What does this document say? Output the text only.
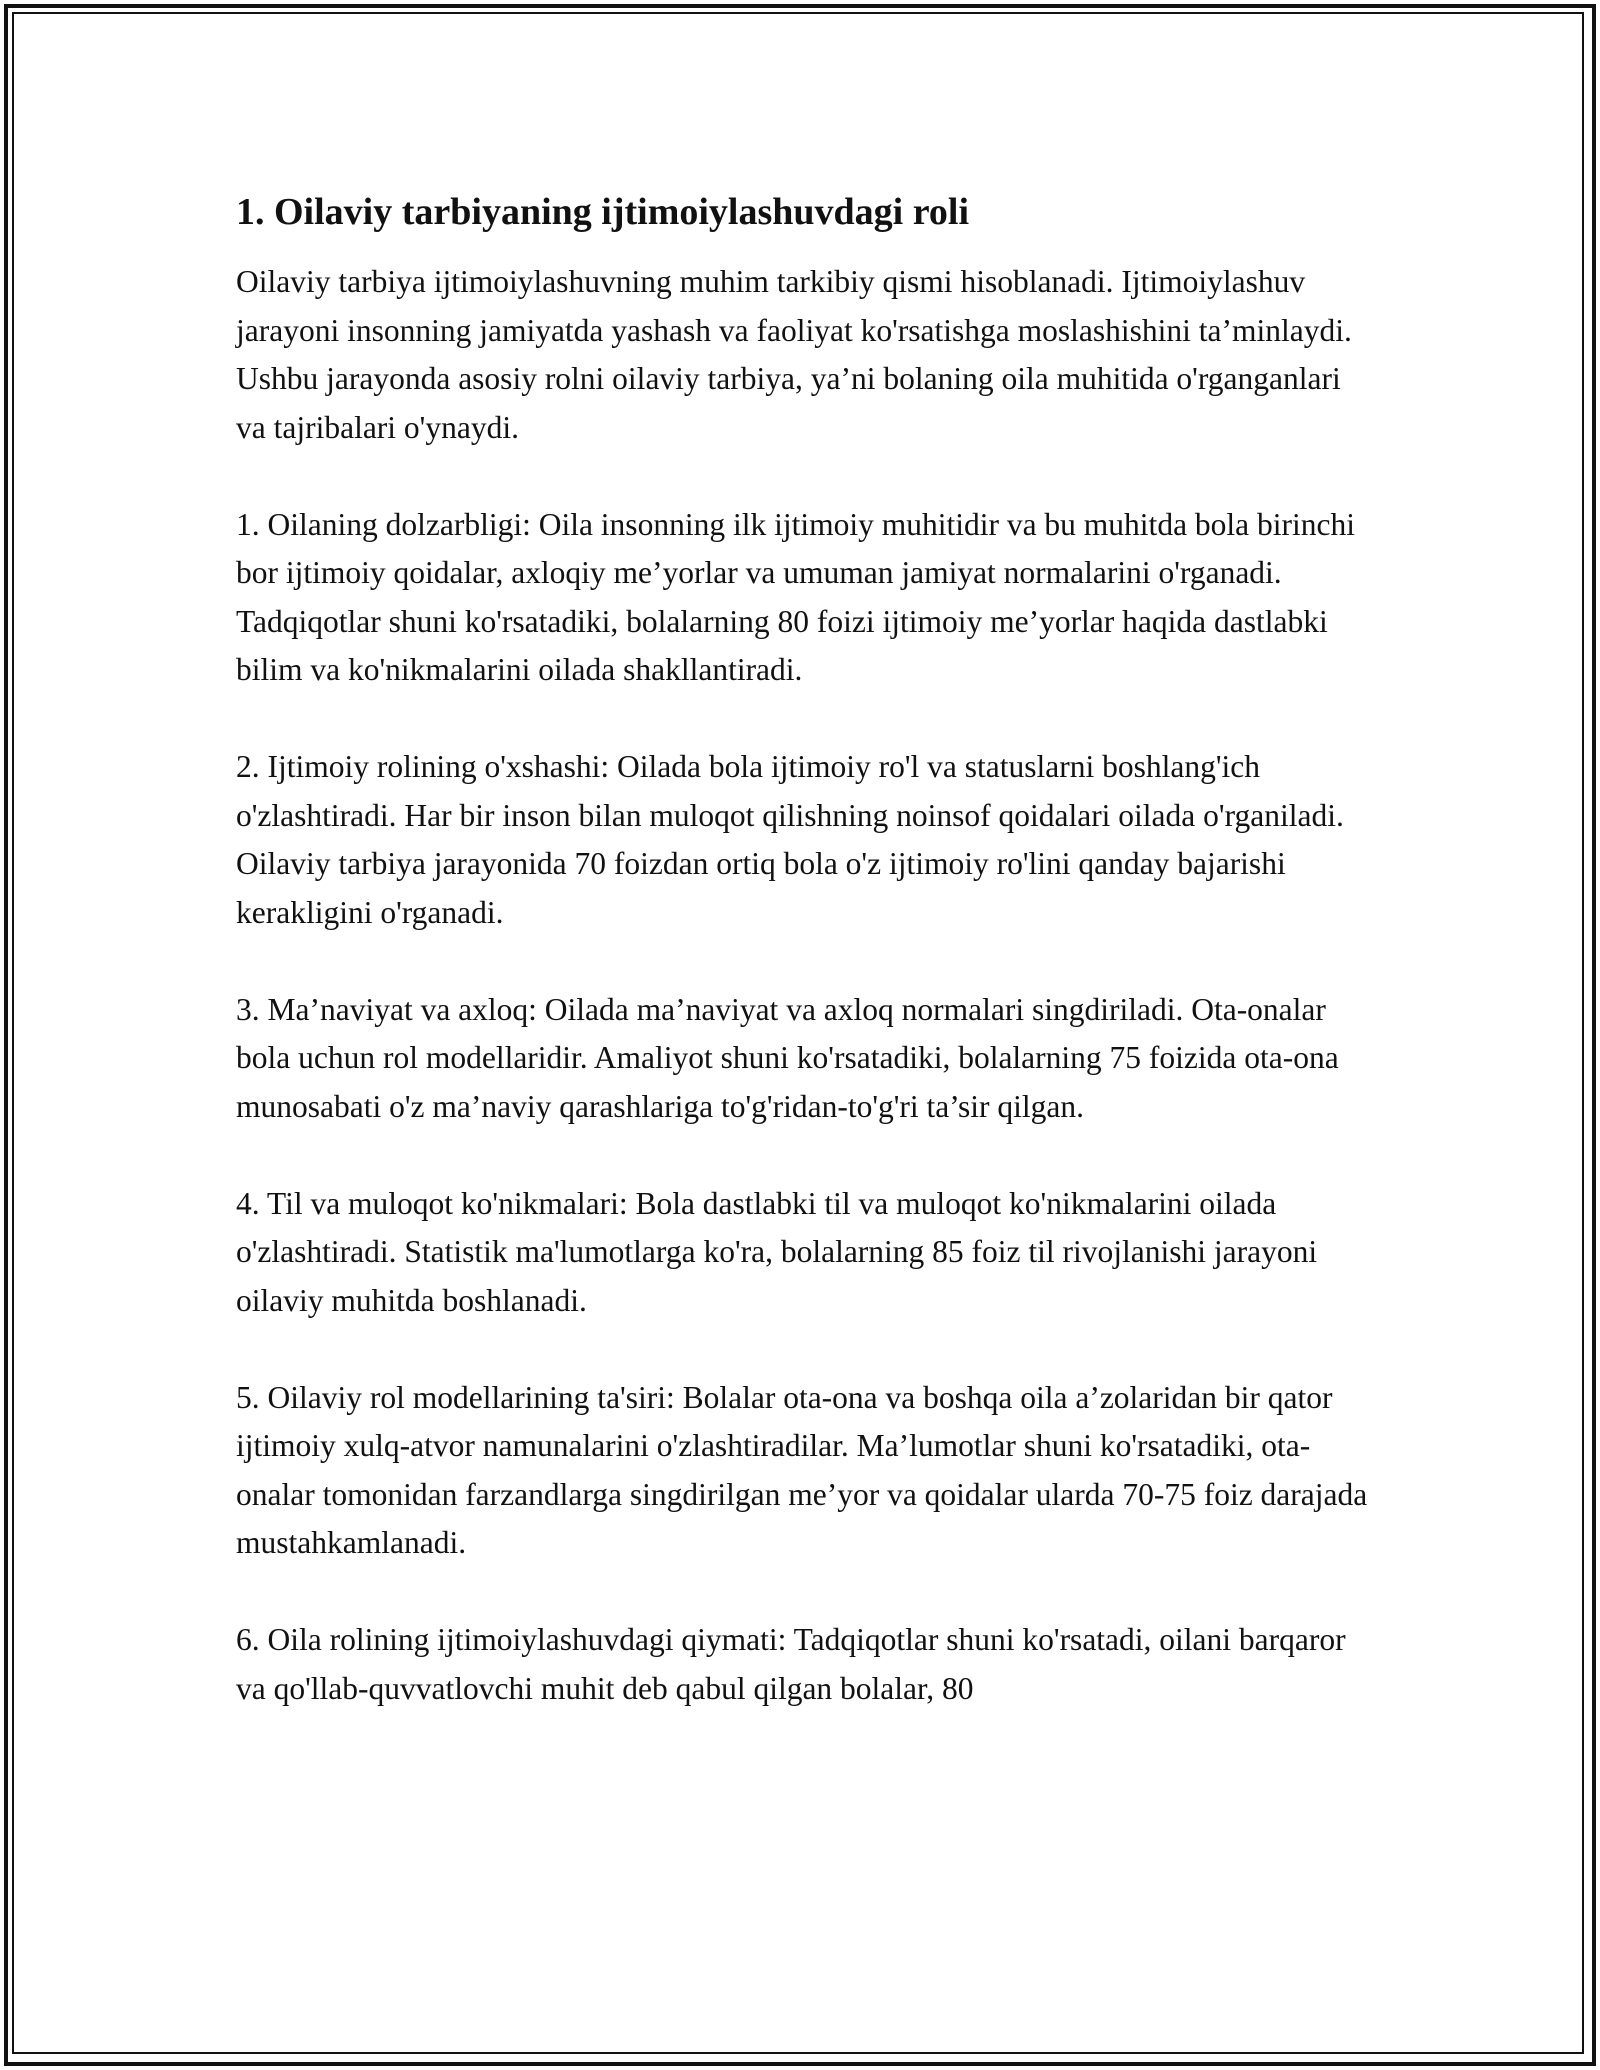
1. Oilaviy tarbiyaning ijtimoiylashuvdagi roli

Oilaviy tarbiya ijtimoiylashuvning muhim tarkibiy qismi hisoblanadi. Ijtimoiylashuv jarayoni insonning jamiyatda yashash va faoliyat ko'rsatishga moslashishini ta’minlaydi. Ushbu jarayonda asosiy rolni oilaviy tarbiya, ya’ni bolaning oila muhitida o'rganganlari va tajribalari o'ynaydi.

1. Oilaning dolzarbligi: Oila insonning ilk ijtimoiy muhitidir va bu muhitda bola birinchi bor ijtimoiy qoidalar, axloqiy me’yorlar va umuman jamiyat normalarini o'rganadi. Tadqiqotlar shuni ko'rsatadiki, bolalarning 80 foizi ijtimoiy me’yorlar haqida dastlabki bilim va ko'nikmalarini oilada shakllantiradi.

2. Ijtimoiy rolining o'xshashi: Oilada bola ijtimoiy ro'l va statuslarni boshlang'ich o'zlashtiradi. Har bir inson bilan muloqot qilishning noinsof qoidalari oilada o'rganiladi. Oilaviy tarbiya jarayonida 70 foizdan ortiq bola o'z ijtimoiy ro'lini qanday bajarishi kerakligini o'rganadi.

3. Ma’naviyat va axloq: Oilada ma’naviyat va axloq normalari singdiriladi. Ota-onalar bola uchun rol modellaridir. Amaliyot shuni ko'rsatadiki, bolalarning 75 foizida ota-ona munosabati o'z ma’naviy qarashlariga to'g'ridan-to'g'ri ta’sir qilgan.

4. Til va muloqot ko'nikmalari: Bola dastlabki til va muloqot ko'nikmalarini oilada o'zlashtiradi. Statistik ma'lumotlarga ko'ra, bolalarning 85 foiz til rivojlanishi jarayoni oilaviy muhitda boshlanadi.

5. Oilaviy rol modellarining ta'siri: Bolalar ota-ona va boshqa oila a’zolaridan bir qator ijtimoiy xulq-atvor namunalarini o'zlashtiradilar. Ma’lumotlar shuni ko'rsatadiki, ota-onalar tomonidan farzandlarga singdirilgan me’yor va qoidalar ularda 70-75 foiz darajada mustahkamlanadi.

6. Oila rolining ijtimoiylashuvdagi qiymati: Tadqiqotlar shuni ko'rsatadi, oilani barqaror va qo'llab-quvvatlovchi muhit deb qabul qilgan bolalar, 80
